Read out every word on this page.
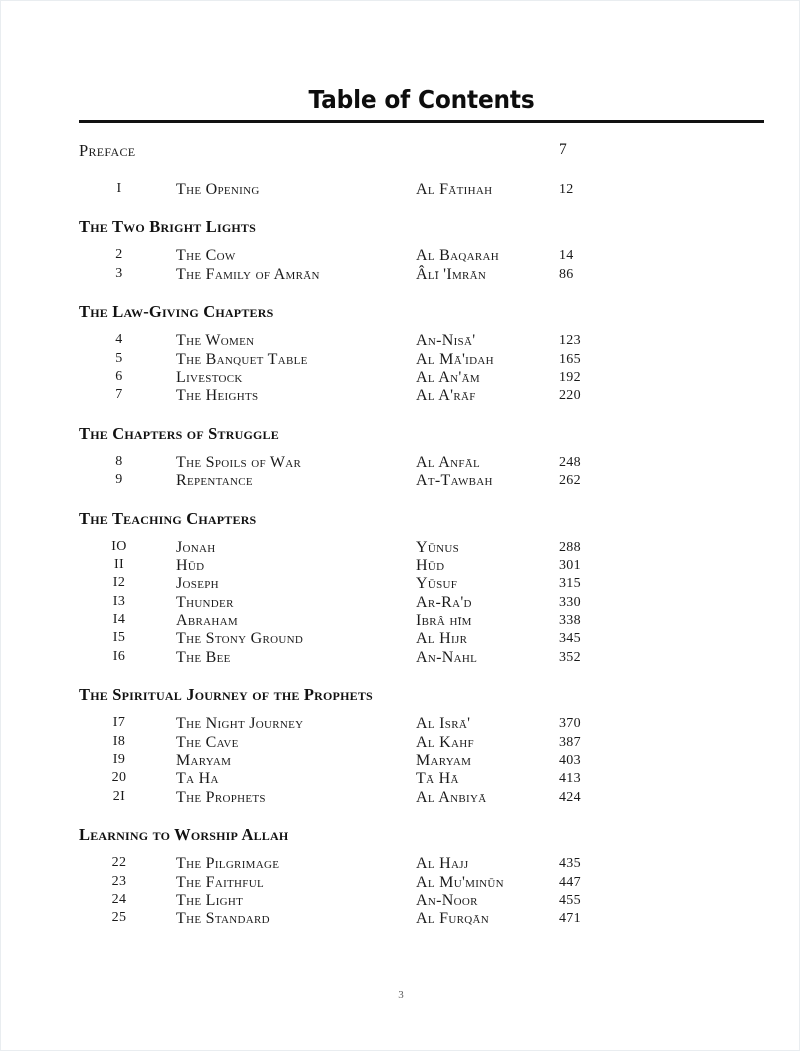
Table of Contents
Preface	7
I	The Opening	Al Fātihah	12
The Two Bright Lights
2	The Cow	Al Baqarah	14
3	The Family of Amrān	Âlī 'Imrān	86
The Law-Giving Chapters
4	The Women	An-Nisā'	123
5	The Banquet Table	Al Mā'idah	165
6	Livestock	Al An'ām	192
7	The Heights	Al A'rāf	220
The Chapters of Struggle
8	The Spoils of War	Al Anfāl	248
9	Repentance	At-Tawbah	262
The Teaching Chapters
IO	Jonah	Yūnus	288
II	Hūd	Hūd	301
I2	Joseph	Yūsuf	315
I3	Thunder	Ar-Ra'd	330
I4	Abraham	Ibrâ hīm	338
I5	The Stony Ground	Al Hijr	345
I6	The Bee	An-Nahl	352
The Spiritual Journey of the Prophets
I7	The Night Journey	Al Isrā'	370
I8	The Cave	Al Kahf	387
I9	Maryam	Maryam	403
20	Ta Ha	Tā Hā	413
2I	The Prophets	Al Anbiyā	424
Learning to Worship Allah
22	The Pilgrimage	Al Hajj	435
23	The Faithful	Al Mu'minūn	447
24	The Light	An-Noor	455
25	The Standard	Al Furqān	471
3
